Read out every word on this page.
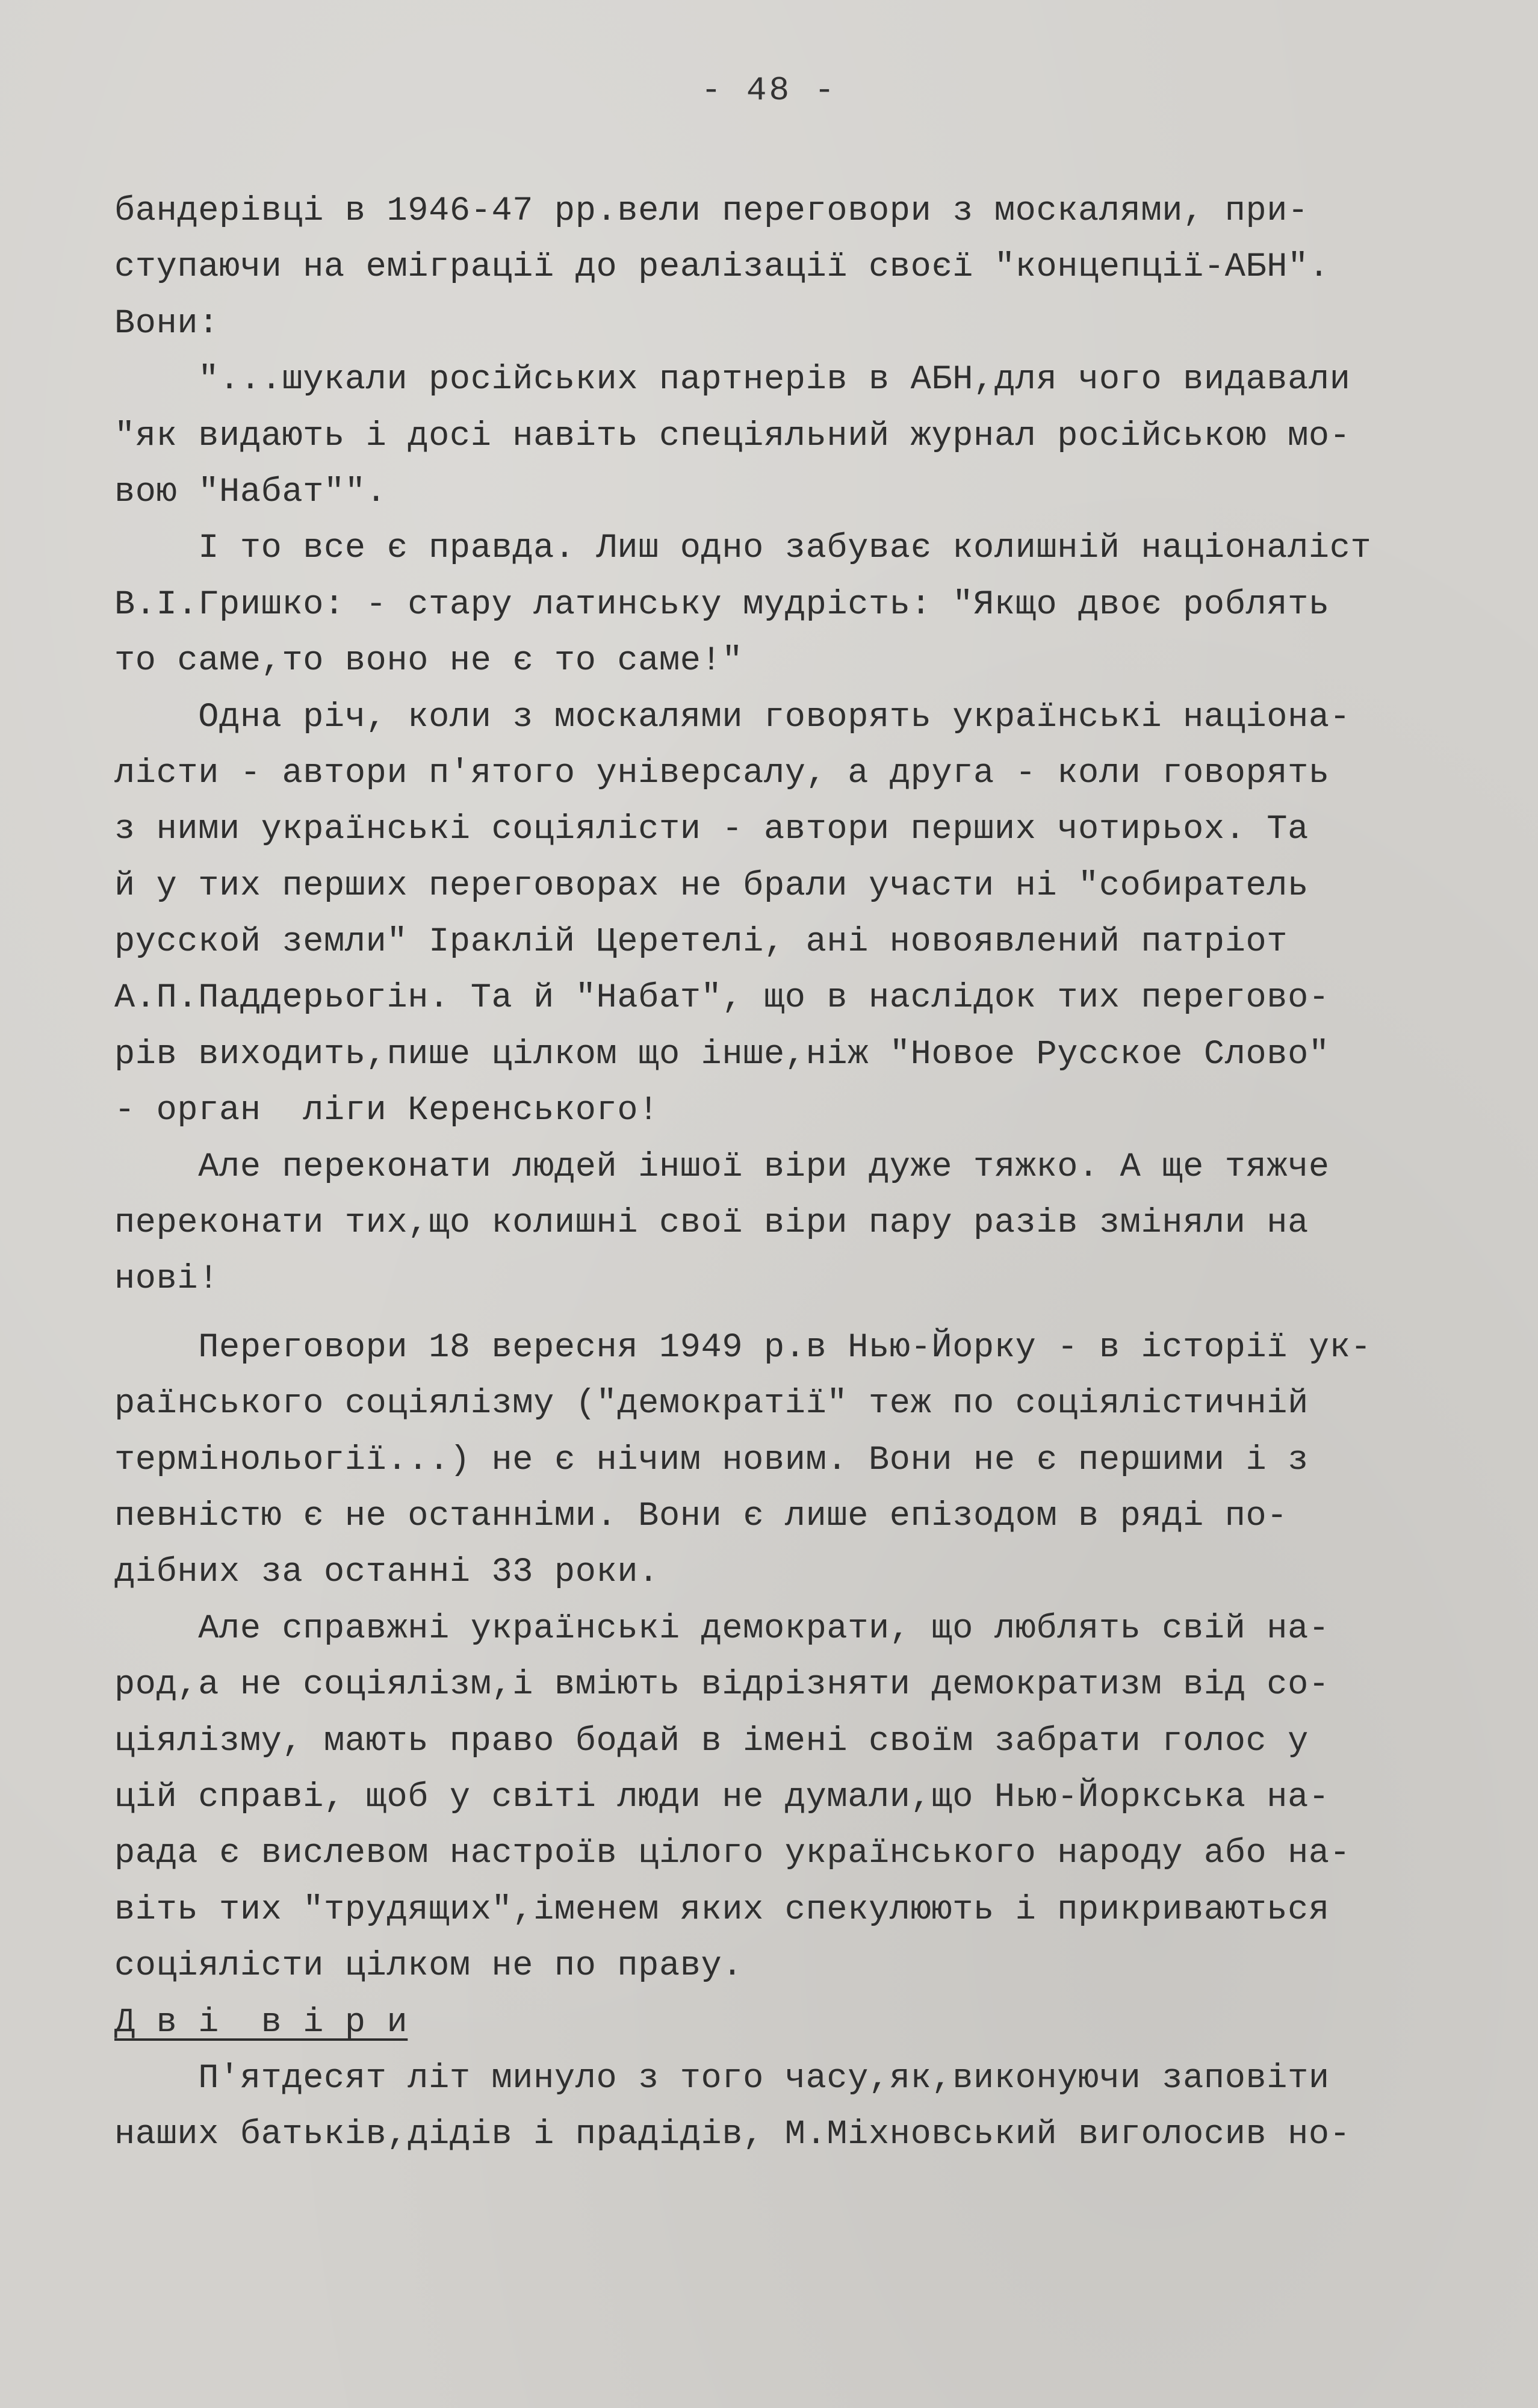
- 48 -
бандерівці в 1946-47 рр.вели переговори з москалями, при-
ступаючи на еміграції до реалізації своєї "концепції-АБН".
Вони:
"...шукали російських партнерів в АБН,для чого видавали
"як видають і досі навіть спеціяльний журнал російською мо-
вою "Набат"".
І то все є правда. Лиш одно забуває колишній націоналіст
В.І.Гришко: - стару латинську мудрість: "Якщо двоє роблять
то саме,то воно не є то саме!"
Одна річ, коли з москалями говорять українські націона-
лісти - автори п'ятого універсалу, а друга - коли говорять
з ними українські соціялісти - автори перших чотирьох. Та
й у тих перших переговорах не брали участи ні "собиратель
русской земли" Іраклій Церетелі, ані новоявлений патріот
А.П.Паддерьогін. Та й "Набат", що в наслідок тих перегово-
рів виходить,пише цілком що інше,ніж "Новое Русское Слово"
- орган  ліги Керенського!
Але переконати людей іншої віри дуже тяжко. А ще тяжче
переконати тих,що колишні свої віри пару разів зміняли на
нові!
Переговори 18 вересня 1949 р.в Нью-Йорку - в історії ук-
раїнського соціялізму ("демократії" теж по соціялістичній
термінольогії...) не є нічим новим. Вони не є першими і з
певністю є не останніми. Вони є лише епізодом в ряді по-
дібних за останні 33 роки.
Але справжні українські демократи, що люблять свій на-
род,а не соціялізм,і вміють відрізняти демократизм від со-
ціялізму, мають право бодай в імені своїм забрати голос у
цій справі, щоб у світі люди не думали,що Нью-Йоркська на-
рада є вислевом настроїв цілого українського народу або на-
віть тих "трудящих",іменем яких спекулюють і прикриваються
соціялісти цілком не по праву.
Д в і  в і р и
П'ятдесят літ минуло з того часу,як,виконуючи заповіти
наших батьків,дідів і прадідів, М.Міхновський виголосив но-
